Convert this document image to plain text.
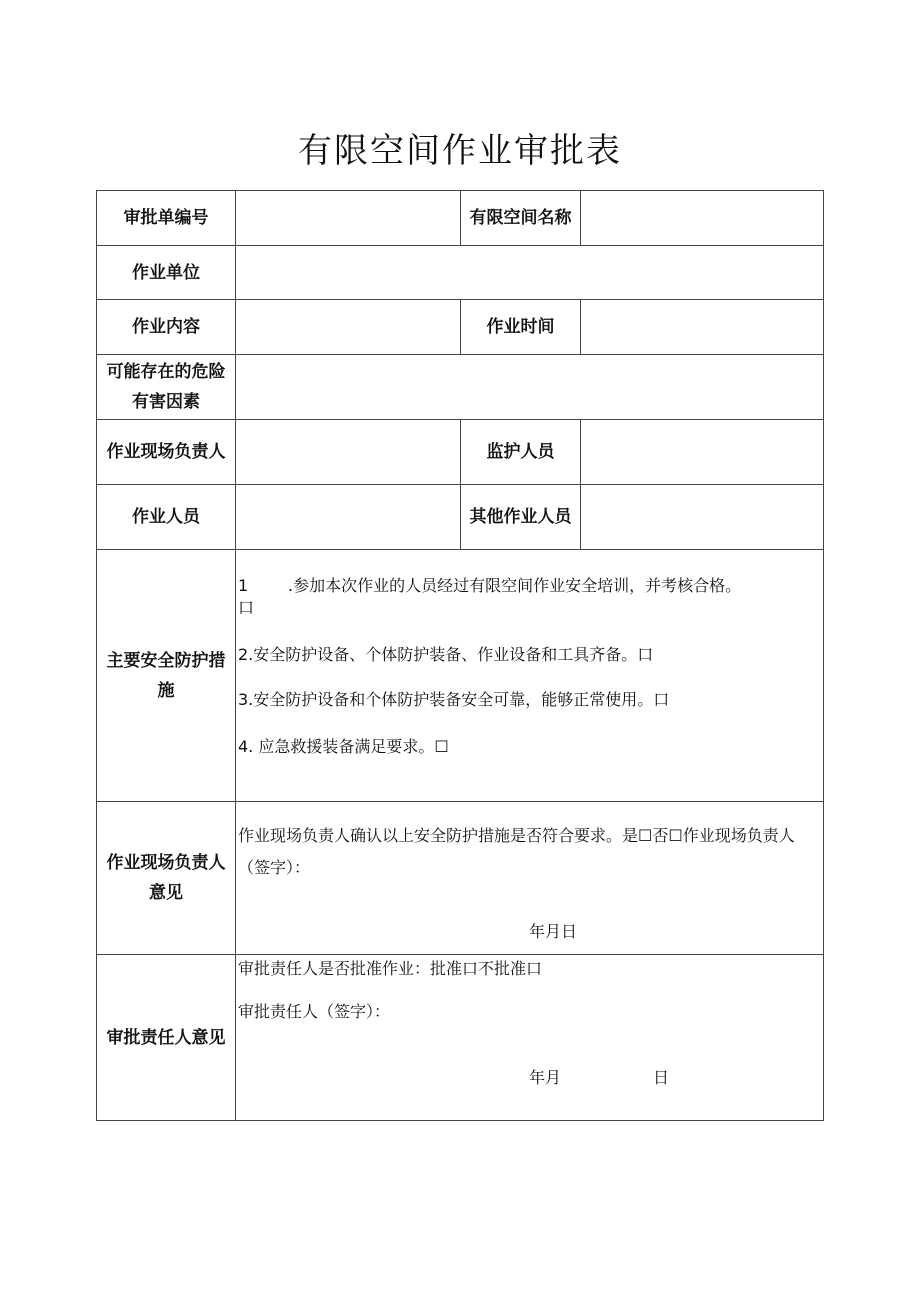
有限空间作业审批表
审批单编号	有限空间名称
作业单位
作业内容	作业时间
可能存在的危险
有害因素
作业现场负责人	监护人员
作业人员	其他作业人员
主要安全防护措
施
1 .参加本次作业的人员经过有限空间作业安全培训，并考核合格。
口
2.安全防护设备、个体防护装备、作业设备和工具齐备。口
3.安全防护设备和个体防护装备安全可靠，能够正常使用。口
4. 应急救援装备满足要求。☐
作业现场负责人
意见
作业现场负责人确认以上安全防护措施是否符合要求。是☐否☐作业现场负责人（签字）：
年月日
审批责任人意见
审批责任人是否批准作业：批准口不批准口
审批责任人（签字）：
年月	日
